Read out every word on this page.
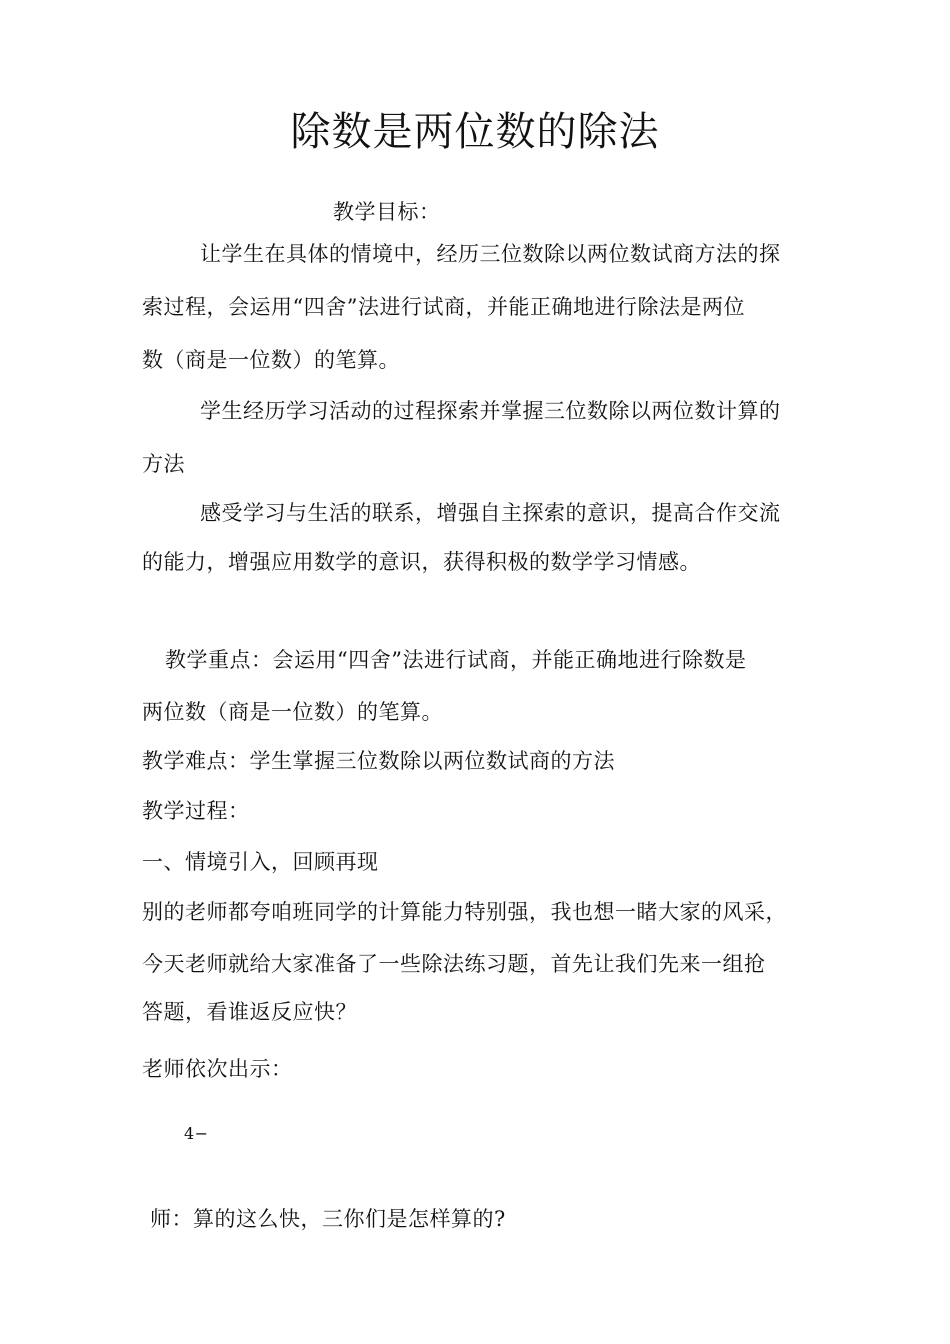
除数是两位数的除法

教学目标：

让学生在具体的情境中，经历三位数除以两位数试商方法的探

索过程，会运用“四舍”法进行试商，并能正确地进行除法是两位

数（商是一位数）的笔算。

学生经历学习活动的过程探索并掌握三位数除以两位数计算的

方法

感受学习与生活的联系，增强自主探索的意识，提高合作交流

的能力，增强应用数学的意识，获得积极的数学学习情感。

教学重点：会运用“四舍”法进行试商，并能正确地进行除数是

两位数（商是一位数）的笔算。

教学难点：学生掌握三位数除以两位数试商的方法

教学过程：

一、情境引入，回顾再现

别的老师都夸咱班同学的计算能力特别强，我也想一睹大家的风采，

今天老师就给大家准备了一些除法练习题，首先让我们先来一组抢

答题，看谁返反应快？

老师依次出示：

4−

师：算的这么快，三你们是怎样算的?
